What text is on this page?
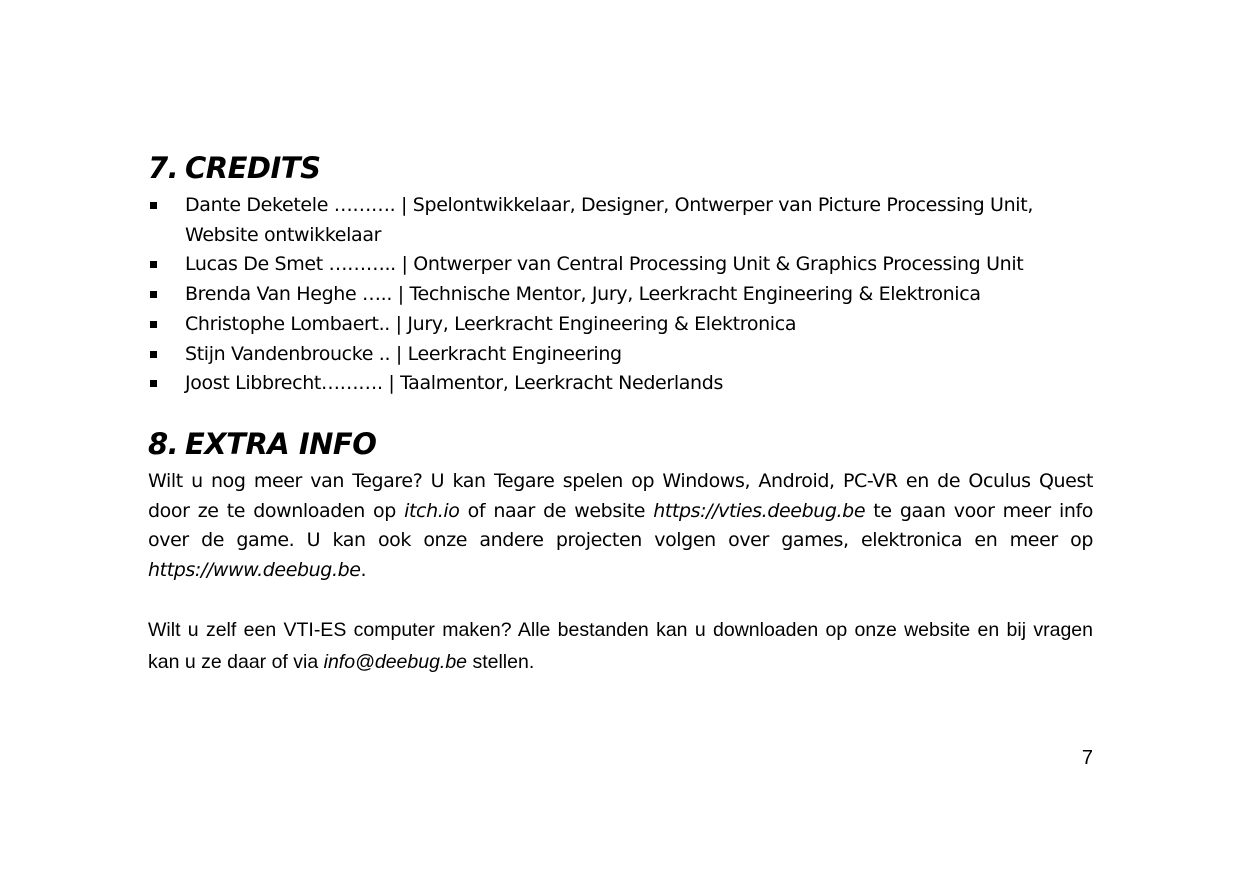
7. CREDITS
Dante Deketele ………. | Spelontwikkelaar, Designer, Ontwerper van Picture Processing Unit, Website ontwikkelaar
Lucas De Smet ……….. | Ontwerper van Central Processing Unit & Graphics Processing Unit
Brenda Van Heghe ….. | Technische Mentor, Jury, Leerkracht Engineering & Elektronica
Christophe Lombaert.. | Jury, Leerkracht Engineering & Elektronica
Stijn Vandenbroucke .. | Leerkracht Engineering
Joost Libbrecht………. | Taalmentor, Leerkracht Nederlands
8. EXTRA INFO

Wilt u nog meer van Tegare? U kan Tegare spelen op Windows, Android, PC-VR en de Oculus Quest door ze te downloaden op itch.io of naar de website https://vties.deebug.be te gaan voor meer info over de game. U kan ook onze andere projecten volgen over games, elektronica en meer op https://www.deebug.be.

Wilt u zelf een VTI-ES computer maken? Alle bestanden kan u downloaden op onze website en bij vragen kan u ze daar of via info@deebug.be stellen.

7
